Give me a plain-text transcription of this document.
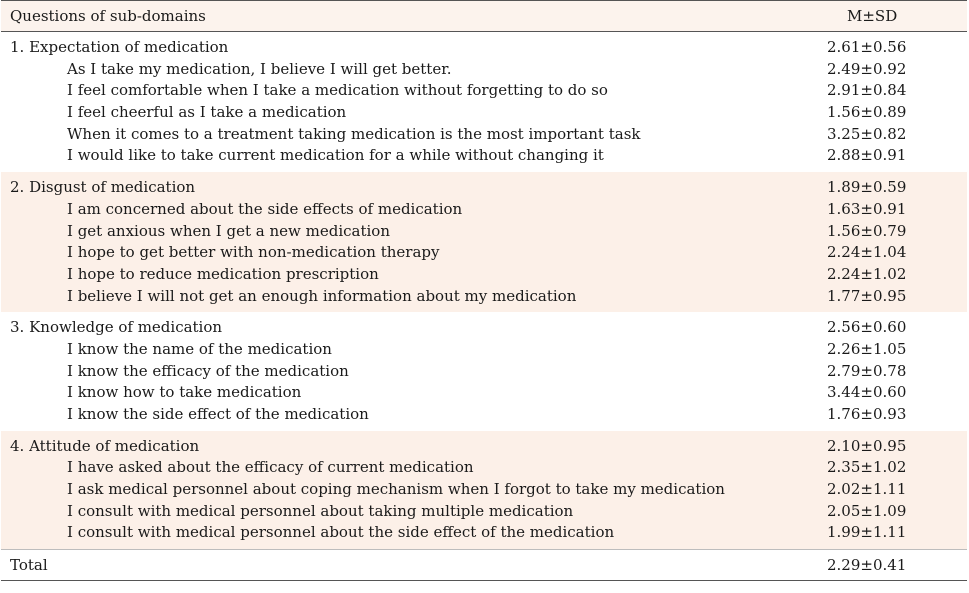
Questions of sub-domains	M±SD
1. Expectation of medication	2.61±0.56
As I take my medication, I believe I will get better.	2.49±0.92
I feel comfortable when I take a medication without forgetting to do so	2.91±0.84
I feel cheerful as I take a medication	1.56±0.89
When it comes to a treatment taking medication is the most important task	3.25±0.82
I would like to take current medication for a while without changing it	2.88±0.91
2. Disgust of medication	1.89±0.59
I am concerned about the side effects of medication	1.63±0.91
I get anxious when I get a new medication	1.56±0.79
I hope to get better with non-medication therapy	2.24±1.04
I hope to reduce medication prescription	2.24±1.02
I believe I will not get an enough information about my medication	1.77±0.95
3. Knowledge of medication	2.56±0.60
I know the name of the medication	2.26±1.05
I know the efficacy of the medication	2.79±0.78
I know how to take medication	3.44±0.60
I know the side effect of the medication	1.76±0.93
4. Attitude of medication	2.10±0.95
I have asked about the efficacy of current medication	2.35±1.02
I ask medical personnel about coping mechanism when I forgot to take my medication	2.02±1.11
I consult with medical personnel about taking multiple medication	2.05±1.09
I consult with medical personnel about the side effect of the medication	1.99±1.11
Total	2.29±0.41
